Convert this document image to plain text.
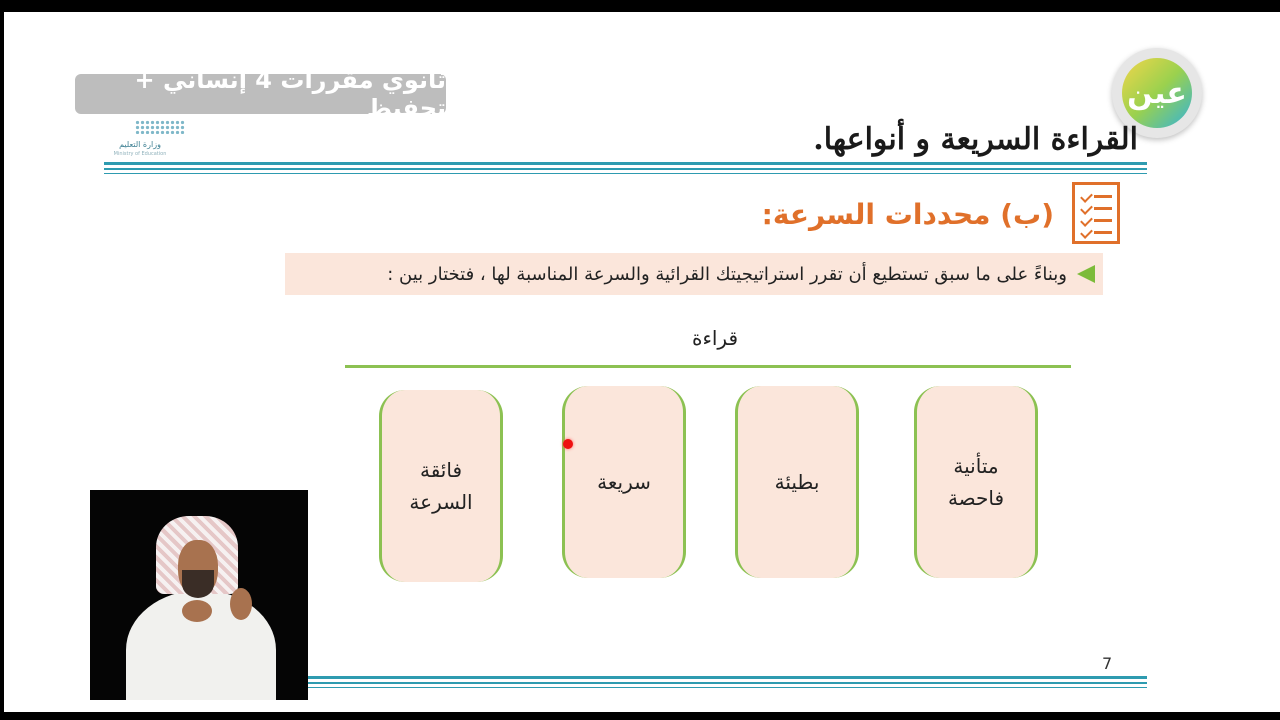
ثانوي مقررات 4 إنساني + تحفيظ
وزارة التعليم
Ministry of Education
عين
القراءة السريعة و أنواعها.
(ب) محددات السرعة:
وبناءً على ما سبق تستطيع أن تقرر استراتيجيتك القرائية والسرعة المناسبة لها ، فتختار بين :
قراءة
متأنية
فاحصة
بطيئة
سريعة
فائقة
السرعة
7
